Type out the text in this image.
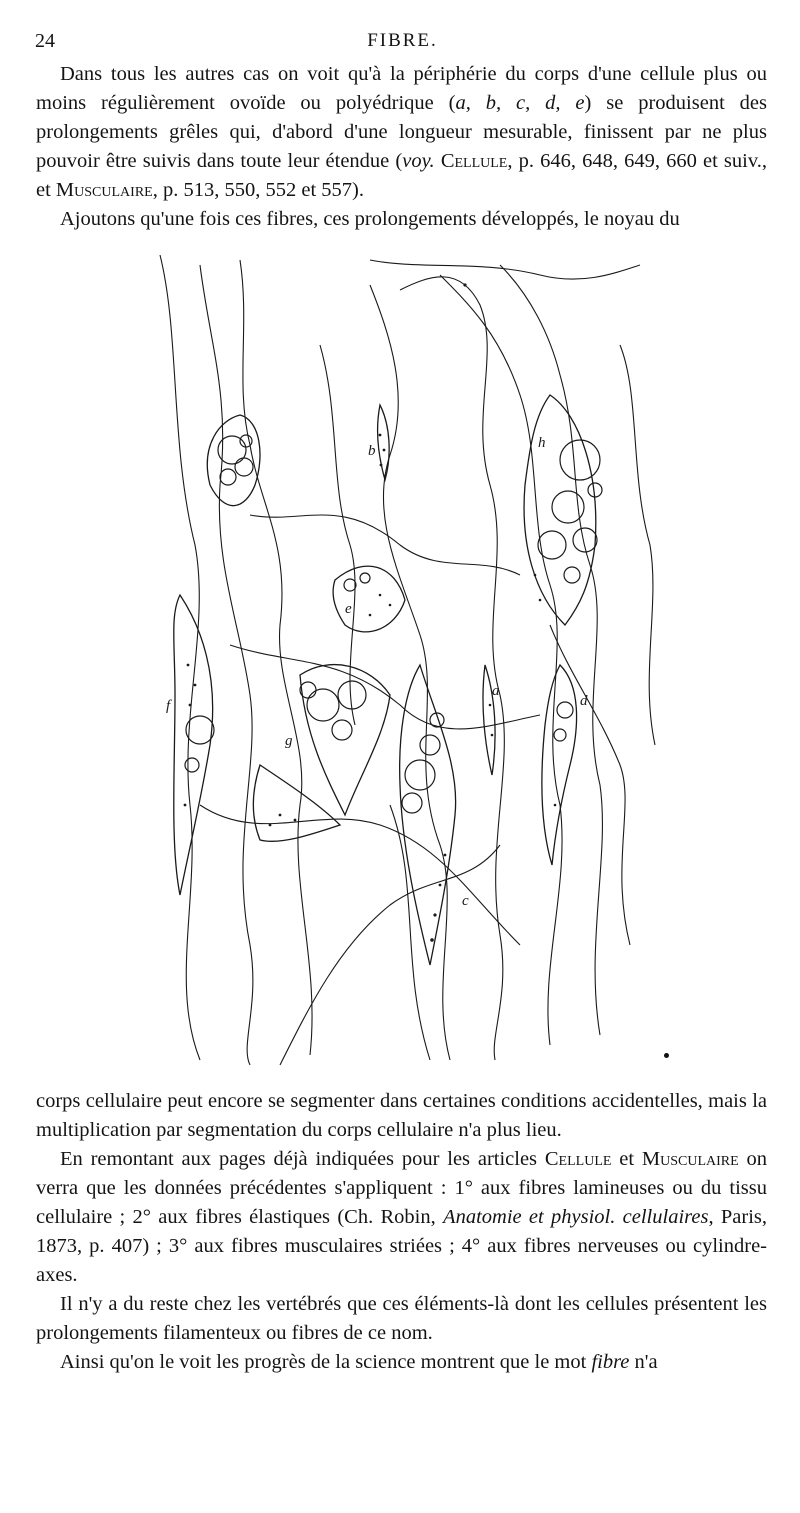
24	FIBRE.

Dans tous les autres cas on voit qu'à la périphérie du corps d'une cellule plus ou moins régulièrement ovoïde ou polyédrique (a, b, c, d, e) se produisent des prolongements grêles qui, d'abord d'une longueur mesurable, finissent par ne plus pouvoir être suivis dans toute leur étendue (voy. Cellule, p. 646, 648, 649, 660 et suiv., et Musculaire, p. 513, 550, 552 et 557).

Ajoutons qu'une fois ces fibres, ces prolongements développés, le noyau du

a
b
c
d
e
f
g
h

corps cellulaire peut encore se segmenter dans certaines conditions accidentelles, mais la multiplication par segmentation du corps cellulaire n'a plus lieu.

En remontant aux pages déjà indiquées pour les articles Cellule et Musculaire on verra que les données précédentes s'appliquent : 1° aux fibres lamineuses ou du tissu cellulaire ; 2° aux fibres élastiques (Ch. Robin, Anatomie et physiol. cellulaires, Paris, 1873, p. 407) ; 3° aux fibres musculaires striées ; 4° aux fibres nerveuses ou cylindre-axes.

Il n'y a du reste chez les vertébrés que ces éléments-là dont les cellules présentent les prolongements filamenteux ou fibres de ce nom.

Ainsi qu'on le voit les progrès de la science montrent que le mot fibre n'a
